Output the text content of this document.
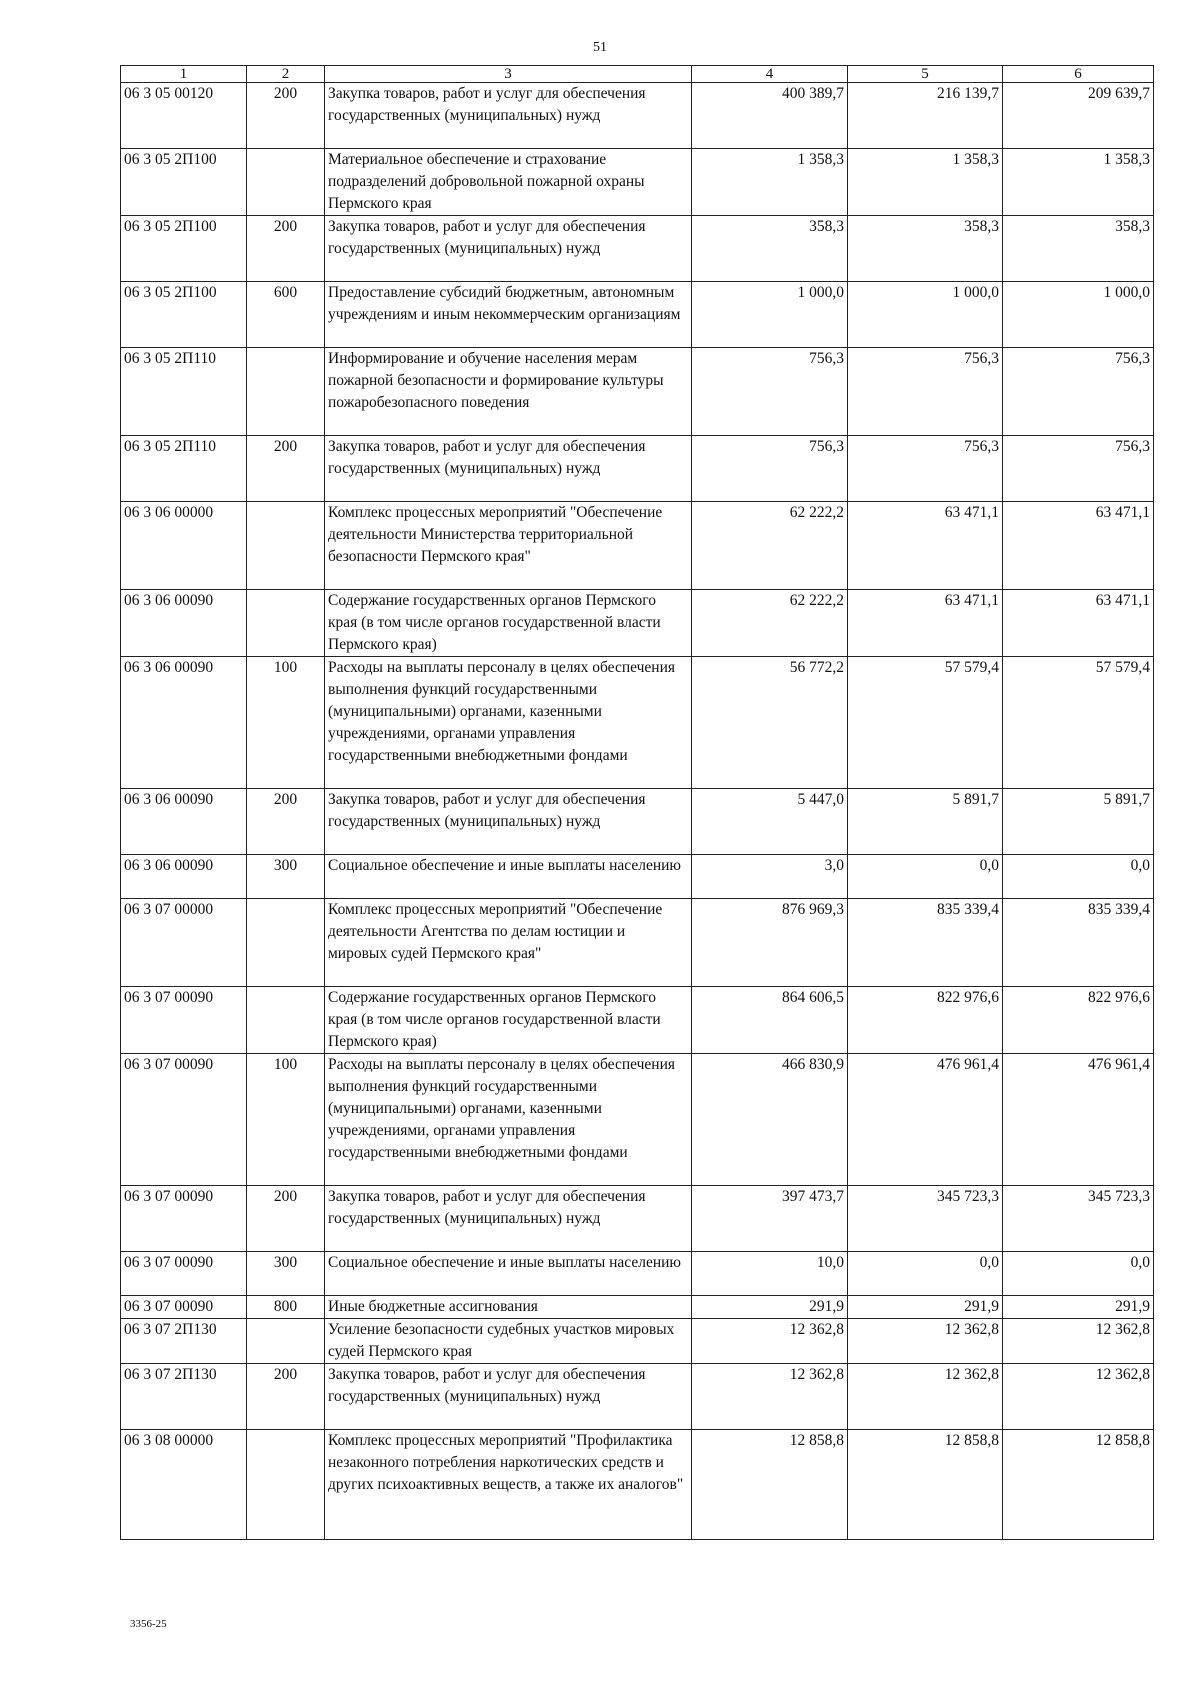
51
1	2	3	4	5	6
06 3 05 00120	200	Закупка товаров, работ и услуг для обеспечения государственных (муниципальных) нужд	400 389,7	216 139,7	209 639,7
06 3 05 2П100		Материальное обеспечение и страхование подразделений добровольной пожарной охраны Пермского края	1 358,3	1 358,3	1 358,3
06 3 05 2П100	200	Закупка товаров, работ и услуг для обеспечения государственных (муниципальных) нужд	358,3	358,3	358,3
06 3 05 2П100	600	Предоставление субсидий бюджетным, автономным учреждениям и иным некоммерческим организациям	1 000,0	1 000,0	1 000,0
06 3 05 2П110		Информирование и обучение населения мерам пожарной безопасности и формирование культуры пожаробезопасного поведения	756,3	756,3	756,3
06 3 05 2П110	200	Закупка товаров, работ и услуг для обеспечения государственных (муниципальных) нужд	756,3	756,3	756,3
06 3 06 00000		Комплекс процессных мероприятий "Обеспечение деятельности Министерства территориальной безопасности Пермского края"	62 222,2	63 471,1	63 471,1
06 3 06 00090		Содержание государственных органов Пермского края (в том числе органов государственной власти Пермского края)	62 222,2	63 471,1	63 471,1
06 3 06 00090	100	Расходы на выплаты персоналу в целях обеспечения выполнения функций государственными (муниципальными) органами, казенными учреждениями, органами управления государственными внебюджетными фондами	56 772,2	57 579,4	57 579,4
06 3 06 00090	200	Закупка товаров, работ и услуг для обеспечения государственных (муниципальных) нужд	5 447,0	5 891,7	5 891,7
06 3 06 00090	300	Социальное обеспечение и иные выплаты населению	3,0	0,0	0,0
06 3 07 00000		Комплекс процессных мероприятий "Обеспечение деятельности Агентства по делам юстиции и мировых судей Пермского края"	876 969,3	835 339,4	835 339,4
06 3 07 00090		Содержание государственных органов Пермского края (в том числе органов государственной власти Пермского края)	864 606,5	822 976,6	822 976,6
06 3 07 00090	100	Расходы на выплаты персоналу в целях обеспечения выполнения функций государственными (муниципальными) органами, казенными учреждениями, органами управления государственными внебюджетными фондами	466 830,9	476 961,4	476 961,4
06 3 07 00090	200	Закупка товаров, работ и услуг для обеспечения государственных (муниципальных) нужд	397 473,7	345 723,3	345 723,3
06 3 07 00090	300	Социальное обеспечение и иные выплаты населению	10,0	0,0	0,0
06 3 07 00090	800	Иные бюджетные ассигнования	291,9	291,9	291,9
06 3 07 2П130		Усиление безопасности судебных участков мировых судей Пермского края	12 362,8	12 362,8	12 362,8
06 3 07 2П130	200	Закупка товаров, работ и услуг для обеспечения государственных (муниципальных) нужд	12 362,8	12 362,8	12 362,8
06 3 08 00000		Комплекс процессных мероприятий "Профилактика незаконного потребления наркотических средств и других психоактивных веществ, а также их аналогов"	12 858,8	12 858,8	12 858,8
3356-25
